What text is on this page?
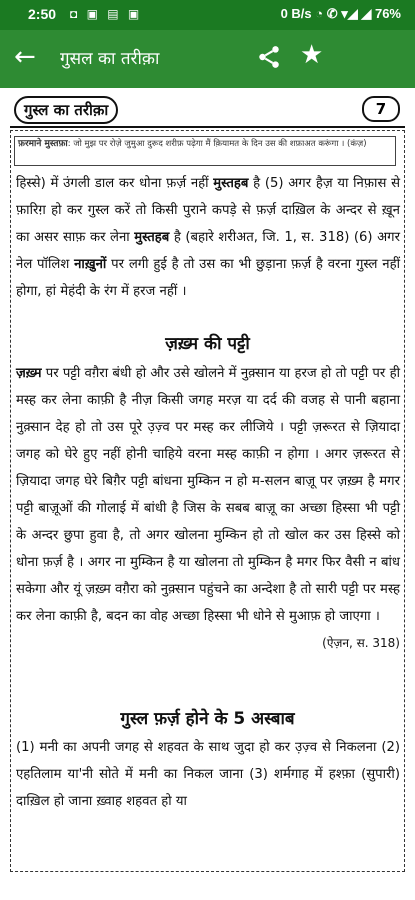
2:50 ◘ ▣ ▤ ▣	0 B/s ◔ ✆ ▾◢ ◢ 76%
← गुसल का तरीक़ा	★
गुस्ल का तरीक़ा	7
फ़रमाने मुस्तफ़ा: जो मुझ पर रोज़े जुमुआ दुरूद शरीफ़ पढ़ेगा मैं क़ियामत के दिन उस की शफ़ाअत करूंगा । (कंज़)
हिस्से) में उंगली डाल कर धोना फ़र्ज़ नहीं मुस्तहब है (5) अगर हैज़ या निफ़ास से फ़ारिग़ हो कर गुस्ल करें तो किसी पुराने कपड़े से फ़र्ज़ दाख़िल के अन्दर से ख़ून का असर साफ़ कर लेना मुस्तहब है (बहारे शरीअत, जि. 1, स. 318) (6) अगर नेल पॉलिश नाख़ुनों पर लगी हुई है तो उस का भी छुड़ाना फ़र्ज़ है वरना गुस्ल नहीं होगा, हां मेहंदी के रंग में हरज नहीं ।
ज़ख़्म की पट्टी
ज़ख़्म पर पट्टी वग़ैरा बंधी हो और उसे खोलने में नुक़्सान या हरज हो तो पट्टी पर ही मस्ह कर लेना काफ़ी है नीज़ किसी जगह मरज़ या दर्द की वजह से पानी बहाना नुक़्सान देह हो तो उस पूरे उ़ज़्व पर मस्ह कर लीजिये । पट्टी ज़रूरत से ज़ियादा जगह को घेरे हुए नहीं होनी चाहिये वरना मस्ह काफ़ी न होगा । अगर ज़रूरत से ज़ियादा जगह घेरे बिग़ैर पट्टी बांधना मुम्किन न हो म-सलन बाज़ू पर ज़ख़्म है मगर पट्टी बाज़ूओं की गोलाई में बांधी है जिस के सबब बाज़ू का अच्छा हिस्सा भी पट्टी के अन्दर छुपा हुवा है, तो अगर खोलना मुम्किन हो तो खोल कर उस हिस्से को धोना फ़र्ज़ है । अगर ना मुम्किन है या खोलना तो मुम्किन है मगर फिर वैसी न बांध सकेगा और यूं ज़ख़्म वग़ैरा को नुक़्सान पहुंचने का अन्देशा है तो सारी पट्टी पर मस्ह कर लेना काफ़ी है, बदन का वोह अच्छा हिस्सा भी धोने से मुआफ़ हो जाएगा ।
(ऐज़न, स. 318)
गुस्ल फ़र्ज़ होने के 5 अस्बाब
(1) मनी का अपनी जगह से शहवत के साथ जुदा हो कर उ़ज़्व से निकलना (2) एहतिलाम या'नी सोते में मनी का निकल जाना (3) शर्मगाह में हश्फ़ा (सुपारी) दाख़िल हो जाना ख़्वाह शहवत हो या
